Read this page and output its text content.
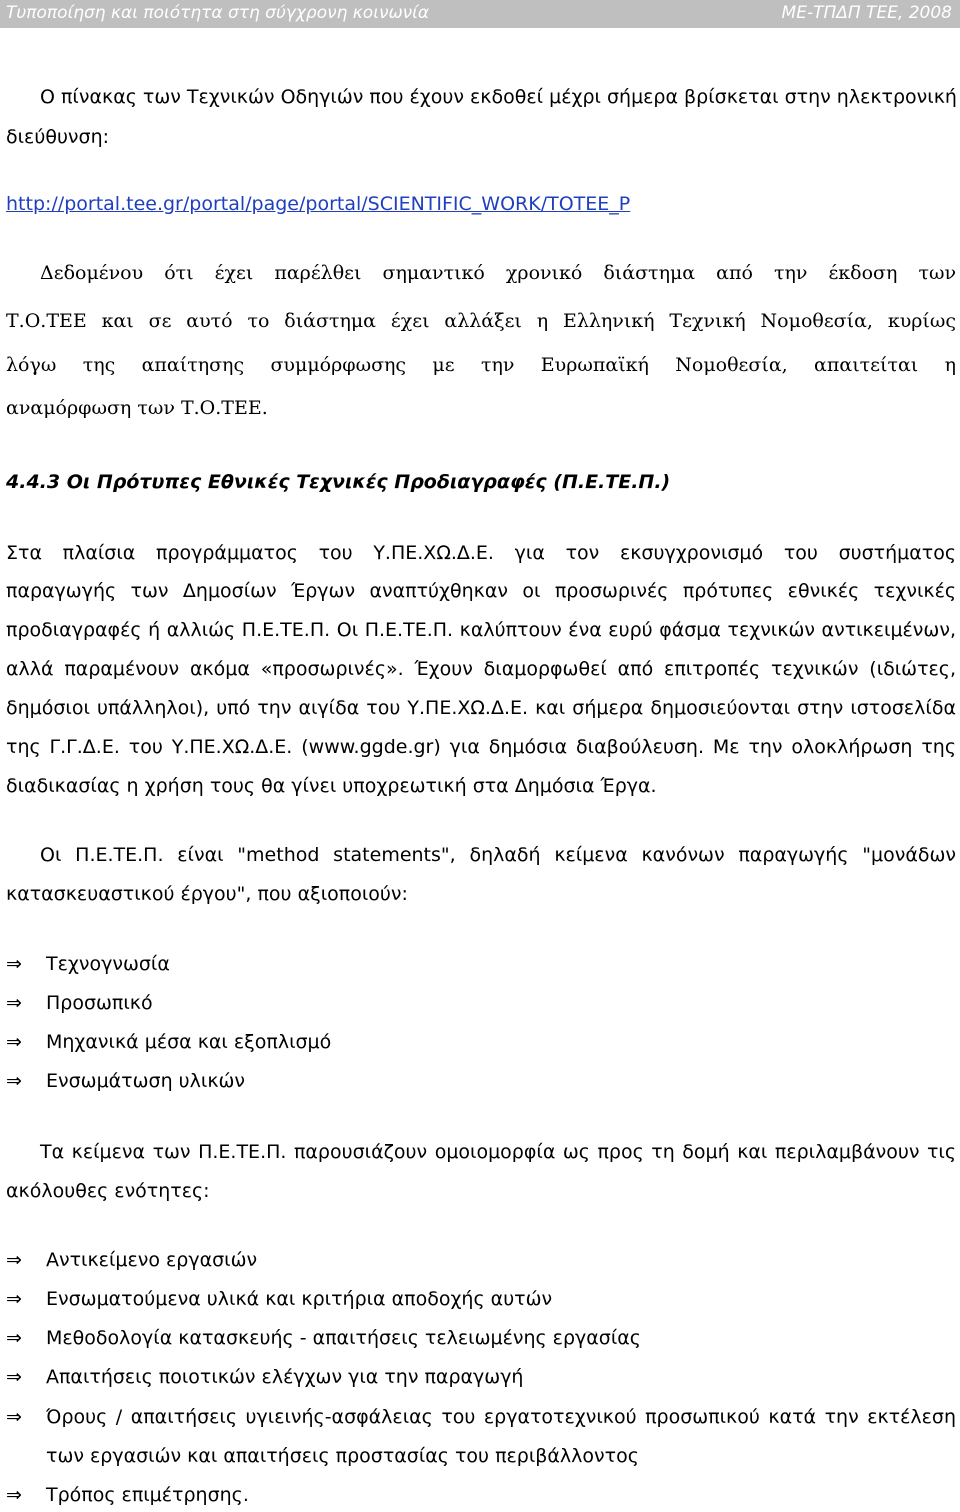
Τυποποίηση και ποιότητα στη σύγχρονη κοινωνία	ΜΕ-ΤΠΔΠ ΤΕΕ, 2008
Ο πίνακας των Τεχνικών Οδηγιών που έχουν εκδοθεί μέχρι σήμερα βρίσκεται στην ηλεκτρονική
διεύθυνση:
http://portal.tee.gr/portal/page/portal/SCIENTIFIC_WORK/TOTEE_P
Δεδομένου ότι έχει παρέλθει σημαντικό χρονικό διάστημα από την έκδοση των
Τ.Ο.ΤΕΕ και σε αυτό το διάστημα έχει αλλάξει η Ελληνική Τεχνική Νομοθεσία, κυρίως
λόγω της απαίτησης συμμόρφωσης με την Ευρωπαϊκή Νομοθεσία, απαιτείται η
αναμόρφωση των Τ.Ο.ΤΕΕ.
4.4.3 Οι Πρότυπες Εθνικές Τεχνικές Προδιαγραφές (Π.Ε.ΤΕ.Π.)
Στα πλαίσια προγράμματος του Υ.ΠΕ.ΧΩ.Δ.Ε. για τον εκσυγχρονισμό του συστήματος
παραγωγής των Δημοσίων Έργων αναπτύχθηκαν οι προσωρινές πρότυπες εθνικές τεχνικές
προδιαγραφές ή αλλιώς Π.Ε.ΤΕ.Π. Οι Π.Ε.ΤΕ.Π. καλύπτουν ένα ευρύ φάσμα τεχνικών αντικειμένων,
αλλά παραμένουν ακόμα «προσωρινές». Έχουν διαμορφωθεί από επιτροπές τεχνικών (ιδιώτες,
δημόσιοι υπάλληλοι), υπό την αιγίδα του Υ.ΠΕ.ΧΩ.Δ.Ε. και σήμερα δημοσιεύονται στην ιστοσελίδα
της Γ.Γ.Δ.Ε. του Υ.ΠΕ.ΧΩ.Δ.Ε. (www.ggde.gr) για δημόσια διαβούλευση. Με την ολοκλήρωση της
διαδικασίας η χρήση τους θα γίνει υποχρεωτική στα Δημόσια Έργα.
Οι Π.Ε.ΤΕ.Π. είναι "method statements", δηλαδή κείμενα κανόνων παραγωγής "μονάδων
κατασκευαστικού έργου", που αξιοποιούν:
⇒ Τεχνογνωσία
⇒ Προσωπικό
⇒ Μηχανικά μέσα και εξοπλισμό
⇒ Ενσωμάτωση υλικών
Τα κείμενα των Π.Ε.ΤΕ.Π. παρουσιάζουν ομοιομορφία ως προς τη δομή και περιλαμβάνουν τις
ακόλουθες ενότητες:
⇒ Αντικείμενο εργασιών
⇒ Ενσωματούμενα υλικά και κριτήρια αποδοχής αυτών
⇒ Μεθοδολογία κατασκευής - απαιτήσεις τελειωμένης εργασίας
⇒ Απαιτήσεις ποιοτικών ελέγχων για την παραγωγή
⇒ Όρους / απαιτήσεις υγιεινής-ασφάλειας του εργατοτεχνικού προσωπικού κατά την εκτέλεση
των εργασιών και απαιτήσεις προστασίας του περιβάλλοντος
⇒ Τρόπος επιμέτρησης.
